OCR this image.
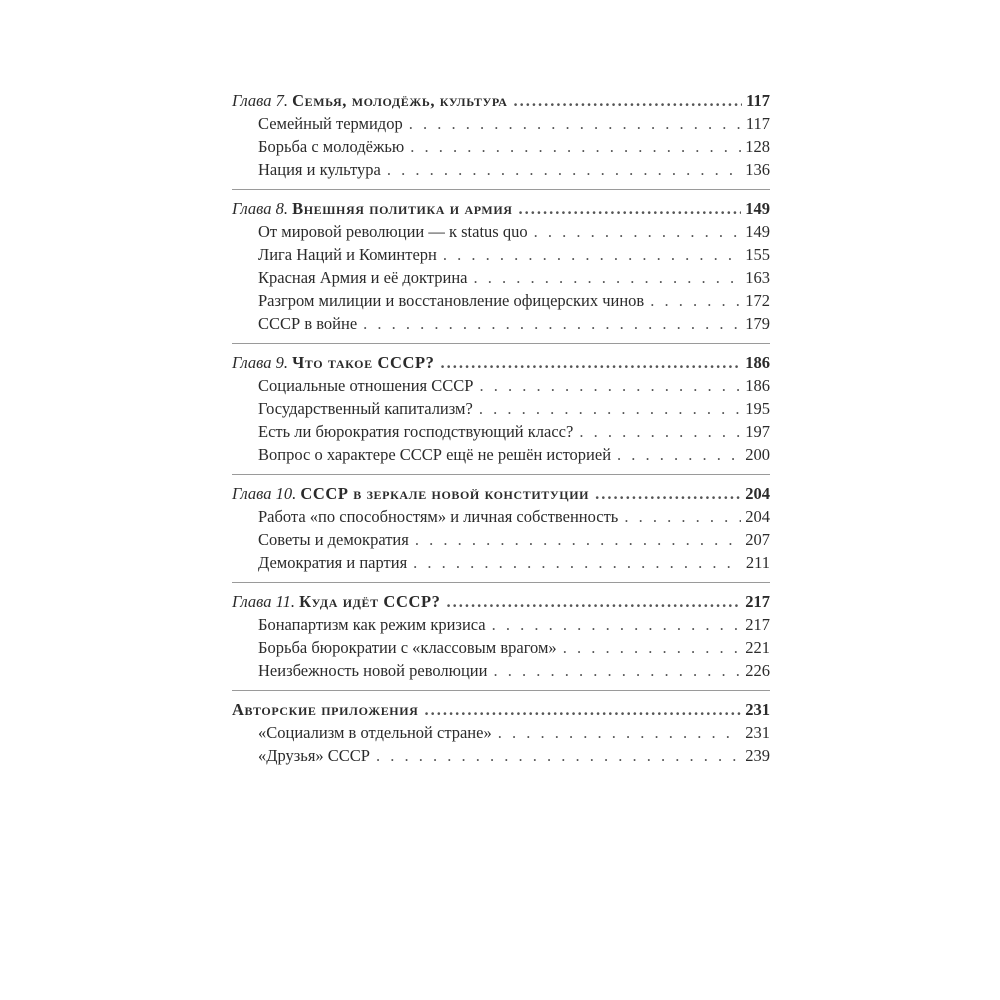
Глава 7. Семья, молодёжь, культура .....	117
Семейный термидор . . .	117
Борьба с молодёжью . . .	128
Нация и культура . . .	136
Глава 8. Внешняя политика и армия .....	149
От мировой революции — к status quo . . .	149
Лига Наций и Коминтерн . . .	155
Красная Армия и её доктрина . . .	163
Разгром милиции и восстановление офицерских чинов . . .	172
СССР в войне . . .	179
Глава 9. Что такое СССР? .....	186
Социальные отношения СССР . . .	186
Государственный капитализм? . . .	195
Есть ли бюрократия господствующий класс? . . .	197
Вопрос о характере СССР ещё не решён историей . . .	200
Глава 10. СССР в зеркале новой конституции .....	204
Работа «по способностям» и личная собственность . . .	204
Советы и демократия . . .	207
Демократия и партия . . .	211
Глава 11. Куда идёт СССР? .....	217
Бонапартизм как режим кризиса . . .	217
Борьба бюрократии с «классовым врагом» . . .	221
Неизбежность новой революции . . .	226
Авторские приложения .....	231
«Социализм в отдельной стране» . . .	231
«Друзья» СССР . . .	239
